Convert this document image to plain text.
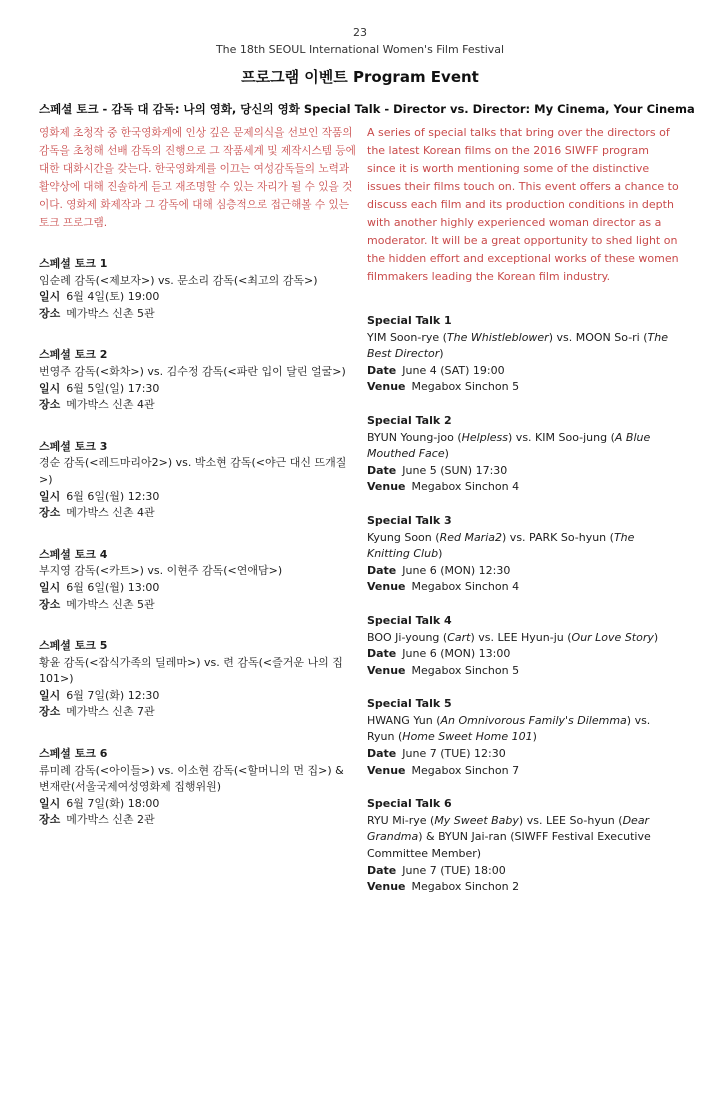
23
The 18th SEOUL International Women's Film Festival
프로그램 이벤트 Program Event
스페셜 토크 - 감독 대 감독: 나의 영화, 당신의 영화 Special Talk - Director vs. Director: My Cinema, Your Cinema

영화제 초청작 중 한국영화계에 인상 깊은 문제의식을 선보인 작품의 감독을 초청해 선배 감독의 진행으로 그 작품세계 및 제작시스템 등에 대한 대화시간을 갖는다. 한국영화계를 이끄는 여성감독들의 노력과 활약상에 대해 진솔하게 듣고 재조명할 수 있는 자리가 될 수 있을 것이다. 영화제 화제작과 그 감독에 대해 심층적으로 접근해볼 수 있는 토크 프로그램.

스페셜 토크 1
임순례 감독(<제보자>) vs. 문소리 감독(<최고의 감독>)
일시 6월 4일(토) 19:00
장소 메가박스 신촌 5관
스페셜 토크 2
번영주 감독(<화차>) vs. 김수정 감독(<파란 입이 달린 얼굴>)
일시 6월 5일(일) 17:30
장소 메가박스 신촌 4관
스페셜 토크 3
경순 감독(<레드마리아2>) vs. 박소현 감독(<야근 대신 뜨개질>)
일시 6월 6일(월) 12:30
장소 메가박스 신촌 4관
스페셜 토크 4
부지영 감독(<카트>) vs. 이현주 감독(<연애담>)
일시 6월 6일(월) 13:00
장소 메가박스 신촌 5관
스페셜 토크 5
황윤 감독(<잡식가족의 딜레마>) vs. 련 감독(<즐거운 나의 집 101>)
일시 6월 7일(화) 12:30
장소 메가박스 신촌 7관
스페셜 토크 6
류미례 감독(<아이들>) vs. 이소현 감독(<할머니의 먼 집>) & 변재란(서울국제여성영화제 집행위원)
일시 6월 7일(화) 18:00
장소 메가박스 신촌 2관

A series of special talks that bring over the directors of the latest Korean films on the 2016 SIWFF program since it is worth mentioning some of the distinctive issues their films touch on. This event offers a chance to discuss each film and its production conditions in depth with another highly experienced woman director as a moderator. It will be a great opportunity to shed light on the hidden effort and exceptional works of these women filmmakers leading the Korean film industry.

Special Talk 1
YIM Soon-rye (The Whistleblower) vs. MOON So-ri (The Best Director)
Date June 4 (SAT) 19:00
Venue Megabox Sinchon 5
Special Talk 2
BYUN Young-joo (Helpless) vs. KIM Soo-jung (A Blue Mouthed Face)
Date June 5 (SUN) 17:30
Venue Megabox Sinchon 4
Special Talk 3
Kyung Soon (Red Maria2) vs. PARK So-hyun (The Knitting Club)
Date June 6 (MON) 12:30
Venue Megabox Sinchon 4
Special Talk 4
BOO Ji-young (Cart) vs. LEE Hyun-ju (Our Love Story)
Date June 6 (MON) 13:00
Venue Megabox Sinchon 5
Special Talk 5
HWANG Yun (An Omnivorous Family's Dilemma) vs. Ryun (Home Sweet Home 101)
Date June 7 (TUE) 12:30
Venue Megabox Sinchon 7
Special Talk 6
RYU Mi-rye (My Sweet Baby) vs. LEE So-hyun (Dear Grandma) & BYUN Jai-ran (SIWFF Festival Executive Committee Member)
Date June 7 (TUE) 18:00
Venue Megabox Sinchon 2
